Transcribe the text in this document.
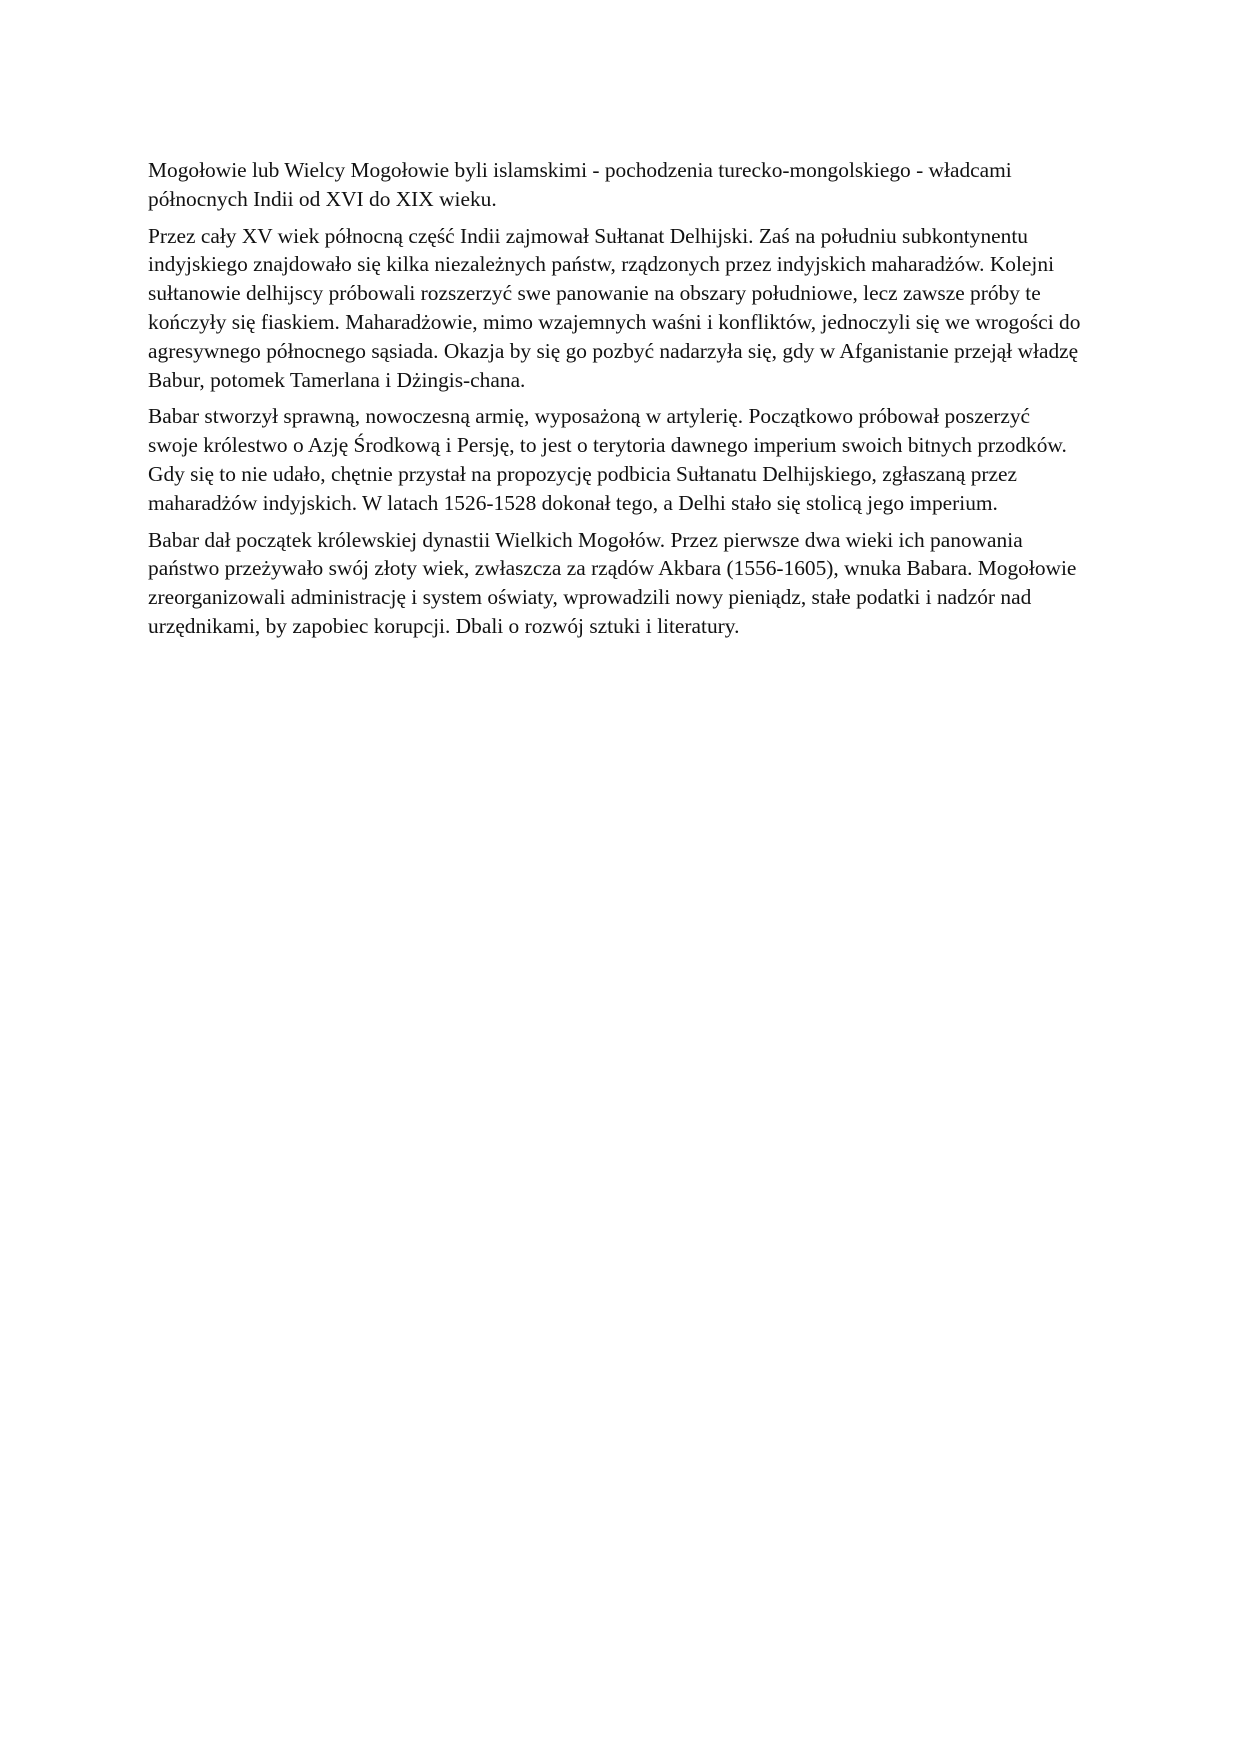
Mogołowie lub Wielcy Mogołowie byli islamskimi - pochodzenia turecko-mongolskiego - władcami północnych Indii od XVI do XIX wieku.

Przez cały XV wiek północną część Indii zajmował Sułtanat Delhijski. Zaś na południu subkontynentu indyjskiego znajdowało się kilka niezależnych państw, rządzonych przez indyjskich maharadżów. Kolejni sułtanowie delhijscy próbowali rozszerzyć swe panowanie na obszary południowe, lecz zawsze próby te kończyły się fiaskiem. Maharadżowie, mimo wzajemnych waśni i konfliktów, jednoczyli się we wrogości do agresywnego północnego sąsiada. Okazja by się go pozbyć nadarzyła się, gdy w Afganistanie przejął władzę Babur, potomek Tamerlana i Dżingis-chana.

Babar stworzył sprawną, nowoczesną armię, wyposażoną w artylerię. Początkowo próbował poszerzyć swoje królestwo o Azję Środkową i Persję, to jest o terytoria dawnego imperium swoich bitnych przodków. Gdy się to nie udało, chętnie przystał na propozycję podbicia Sułtanatu Delhijskiego, zgłaszaną przez maharadżów indyjskich. W latach 1526-1528 dokonał tego, a Delhi stało się stolicą jego imperium.

Babar dał początek królewskiej dynastii Wielkich Mogołów. Przez pierwsze dwa wieki ich panowania państwo przeżywało swój złoty wiek, zwłaszcza za rządów Akbara (1556-1605), wnuka Babara. Mogołowie zreorganizowali administrację i system oświaty, wprowadzili nowy pieniądz, stałe podatki i nadzór nad urzędnikami, by zapobiec korupcji. Dbali o rozwój sztuki i literatury.
